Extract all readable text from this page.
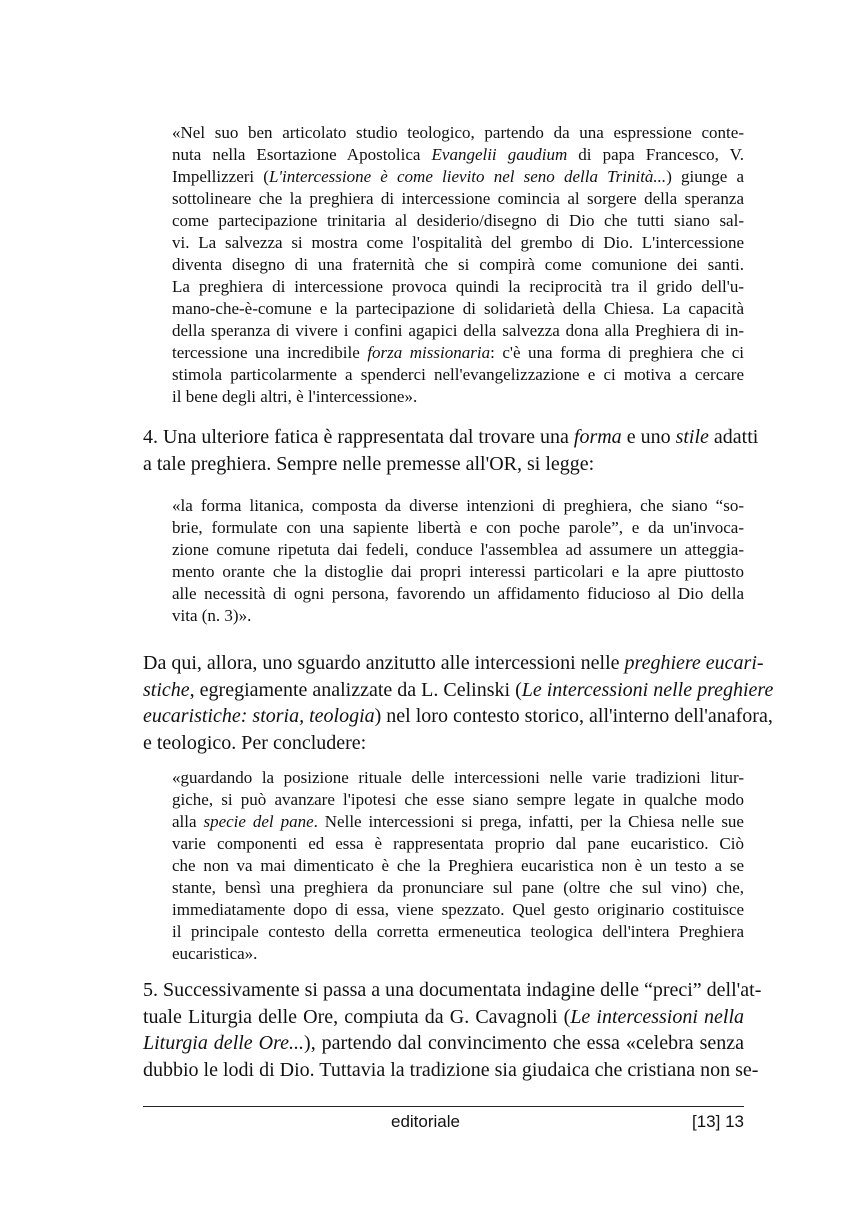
«Nel suo ben articolato studio teologico, partendo da una espressione conte-
nuta nella Esortazione Apostolica Evangelii gaudium di papa Francesco, V.
Impellizzeri (L'intercessione è come lievito nel seno della Trinità...) giunge a
sottolineare che la preghiera di intercessione comincia al sorgere della speranza
come partecipazione trinitaria al desiderio/disegno di Dio che tutti siano sal-
vi. La salvezza si mostra come l'ospitalità del grembo di Dio. L'intercessione
diventa disegno di una fraternità che si compirà come comunione dei santi.
La preghiera di intercessione provoca quindi la reciprocità tra il grido dell'u-
mano-che-è-comune e la partecipazione di solidarietà della Chiesa. La capacità
della speranza di vivere i confini agapici della salvezza dona alla Preghiera di in-
tercessione una incredibile forza missionaria: c'è una forma di preghiera che ci
stimola particolarmente a spenderci nell'evangelizzazione e ci motiva a cercare
il bene degli altri, è l'intercessione».
4. Una ulteriore fatica è rappresentata dal trovare una forma e uno stile adatti
a tale preghiera. Sempre nelle premesse all'OR, si legge:
«la forma litanica, composta da diverse intenzioni di preghiera, che siano “so-
brie, formulate con una sapiente libertà e con poche parole”, e da un'invoca-
zione comune ripetuta dai fedeli, conduce l'assemblea ad assumere un atteggia-
mento orante che la distoglie dai propri interessi particolari e la apre piuttosto
alle necessità di ogni persona, favorendo un affidamento fiducioso al Dio della
vita (n. 3)».
Da qui, allora, uno sguardo anzitutto alle intercessioni nelle preghiere eucari-
stiche, egregiamente analizzate da L. Celinski (Le intercessioni nelle preghiere
eucaristiche: storia, teologia) nel loro contesto storico, all'interno dell'anafora,
e teologico. Per concludere:
«guardando la posizione rituale delle intercessioni nelle varie tradizioni litur-
giche, si può avanzare l'ipotesi che esse siano sempre legate in qualche modo
alla specie del pane. Nelle intercessioni si prega, infatti, per la Chiesa nelle sue
varie componenti ed essa è rappresentata proprio dal pane eucaristico. Ciò
che non va mai dimenticato è che la Preghiera eucaristica non è un testo a se
stante, bensì una preghiera da pronunciare sul pane (oltre che sul vino) che,
immediatamente dopo di essa, viene spezzato. Quel gesto originario costituisce
il principale contesto della corretta ermeneutica teologica dell'intera Preghiera
eucaristica».
5. Successivamente si passa a una documentata indagine delle “preci” dell'at-
tuale Liturgia delle Ore, compiuta da G. Cavagnoli (Le intercessioni nella
Liturgia delle Ore...), partendo dal convincimento che essa «celebra senza
dubbio le lodi di Dio. Tuttavia la tradizione sia giudaica che cristiana non se-
editoriale	[13] 13
